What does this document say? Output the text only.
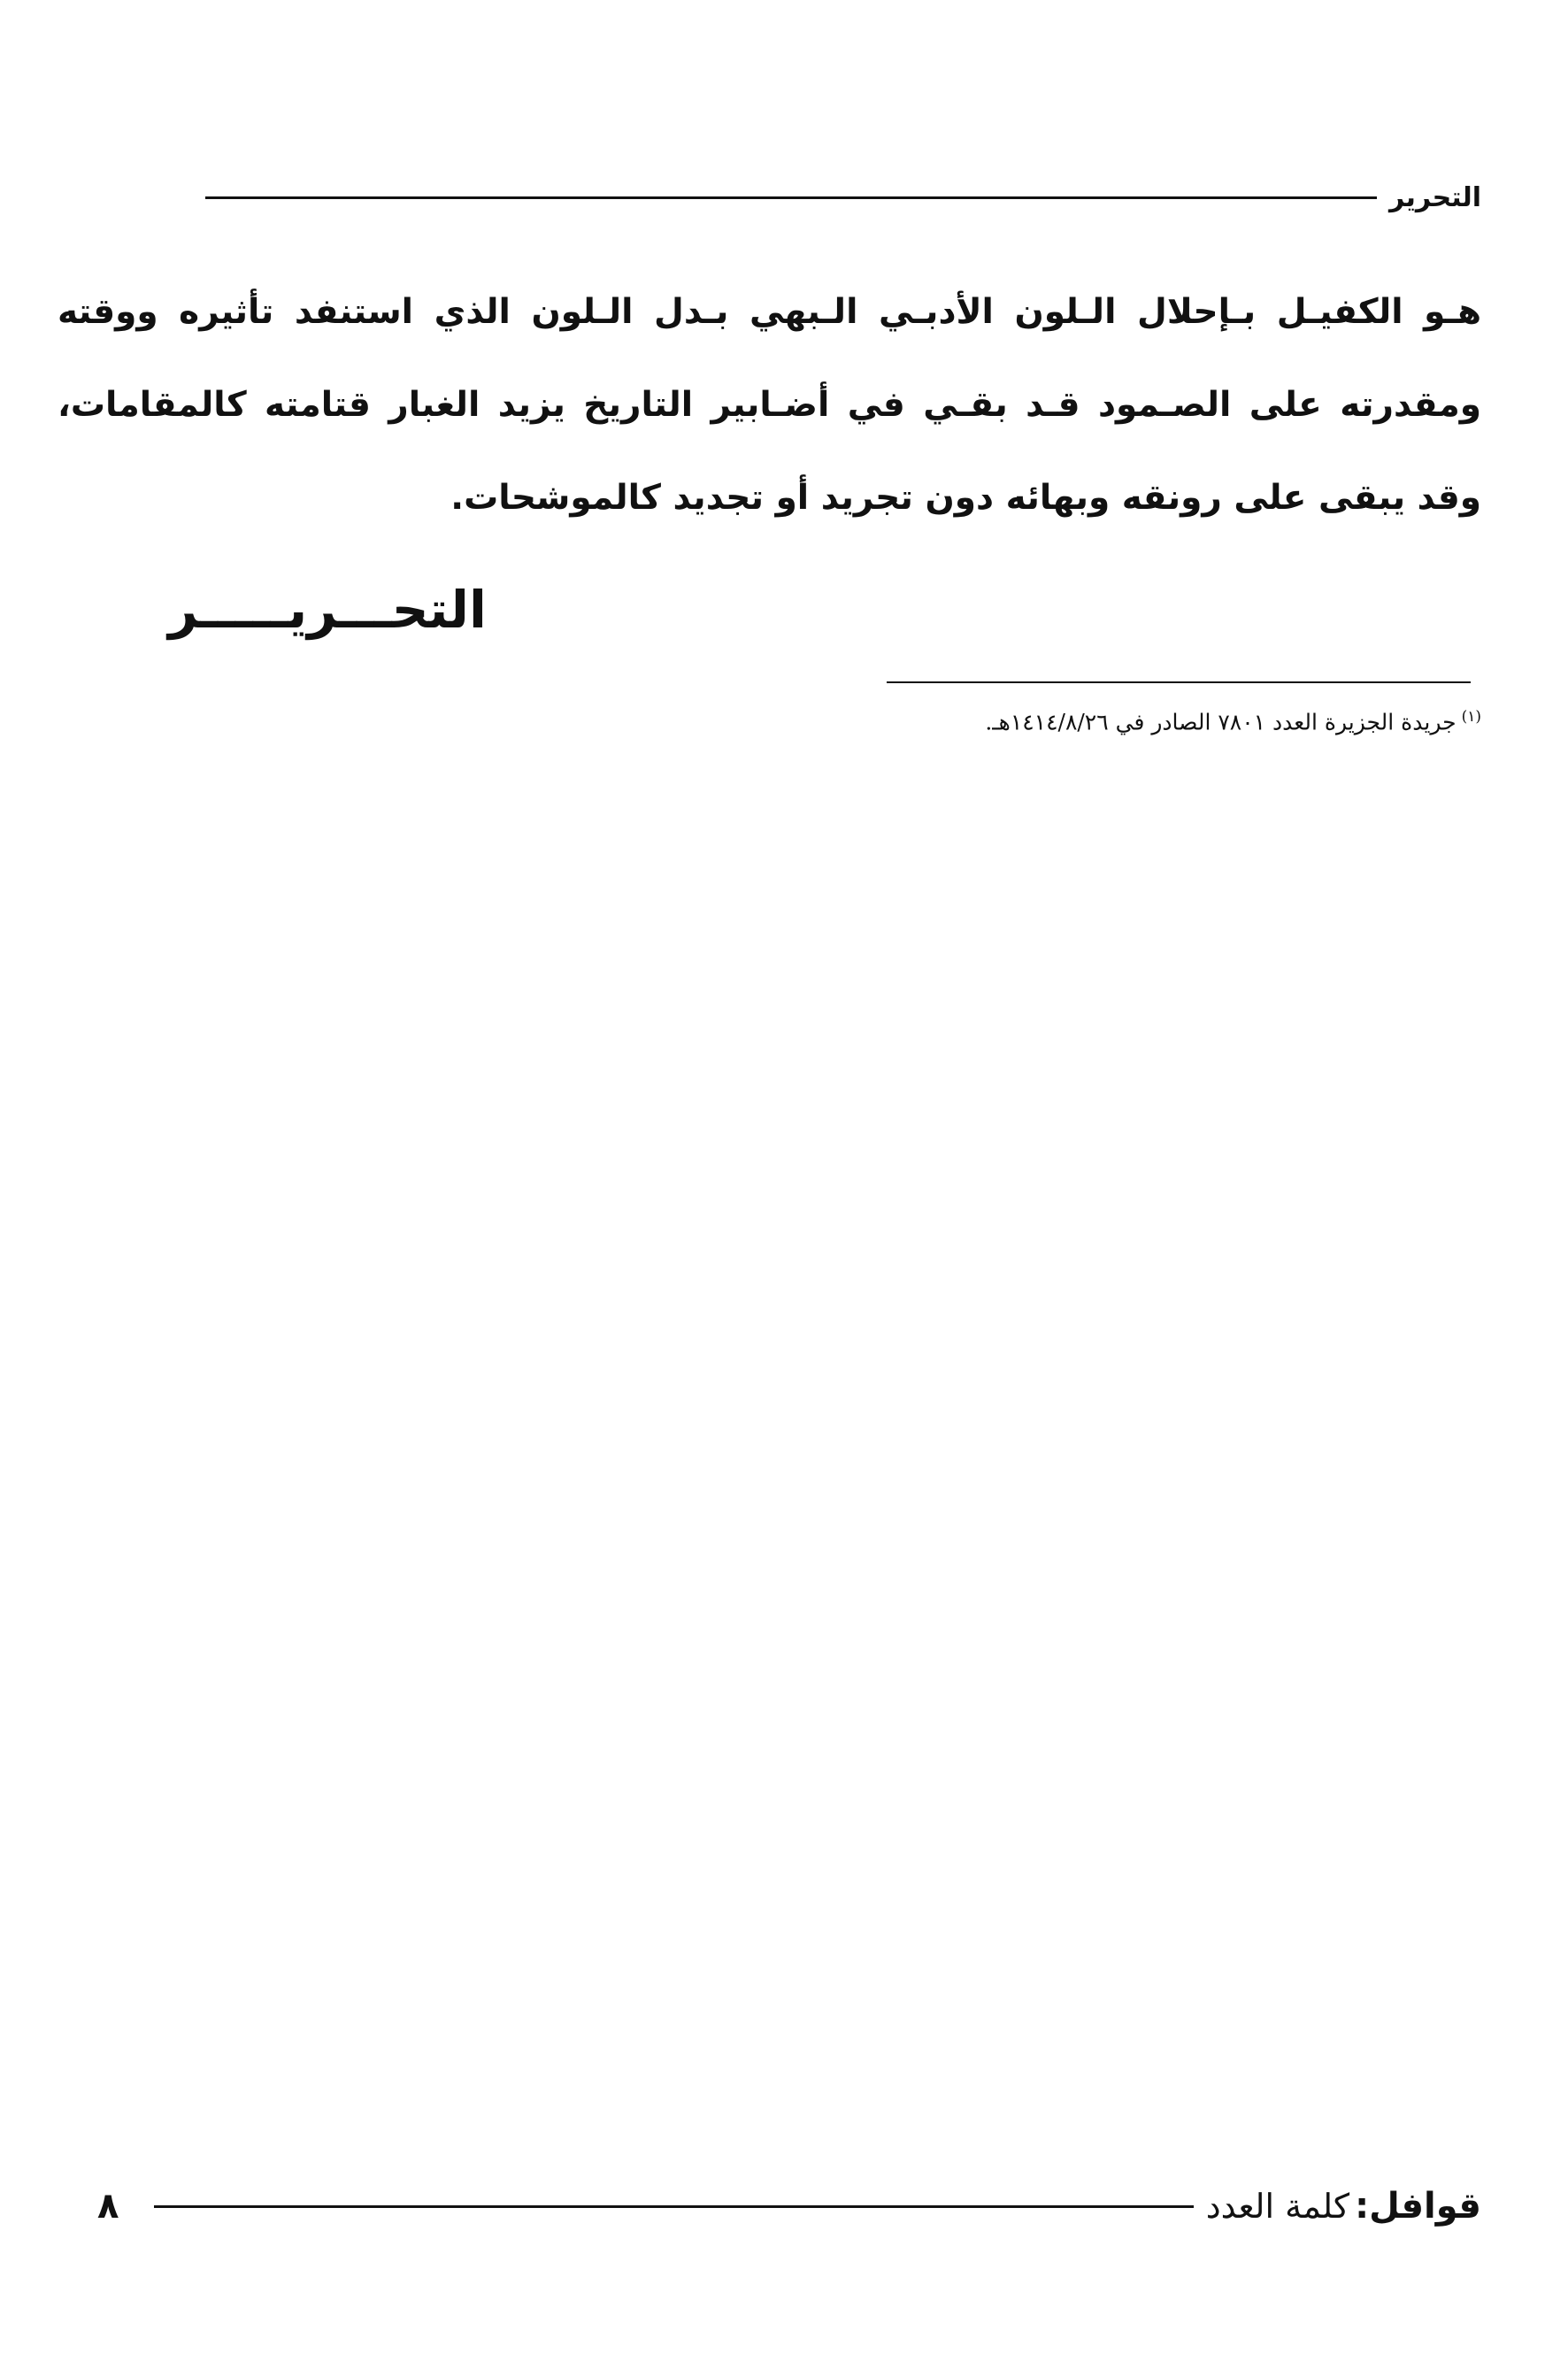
التحرير

هـو الكفيـل بـإحلال الـلون الأدبـي الـبهي بـدل الـلون الذي استنفد تأثيره ووقته ومقدرته على الصـمود قـد بقـي في أضـابير التاريخ يزيد الغبار قتامته كالمقامات، وقد يبقى على رونقه وبهائه دون تجريد أو تجديد كالموشحات.

التحـــريـــــر
$^{(١)}$جريدة الجزيرة العدد ٧٨٠١ الصادر في ١٤١٤/٨/٢٦هـ.
قوافل:
كلمة العدد
٨
